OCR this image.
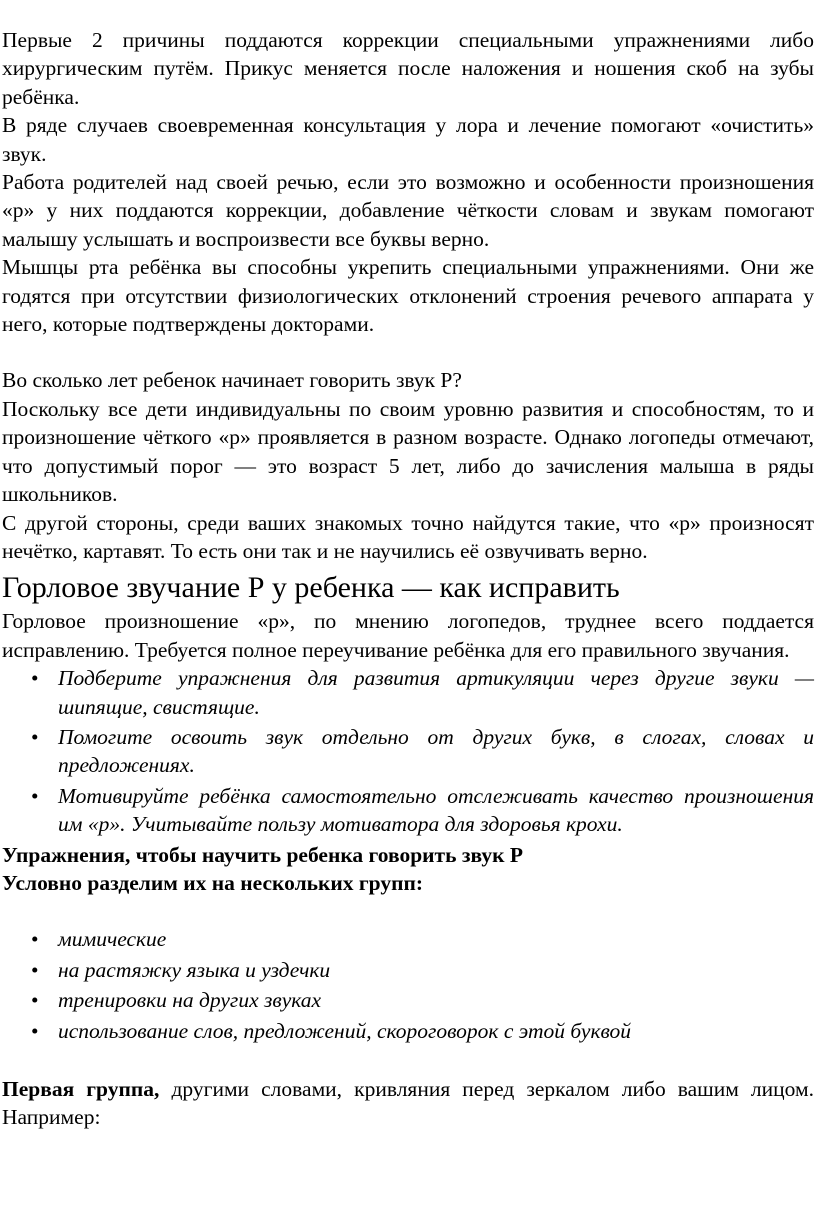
Первые 2 причины поддаются коррекции специальными упражнениями либо хирургическим путём. Прикус меняется после наложения и ношения скоб на зубы ребёнка.

В ряде случаев своевременная консультация у лора и лечение помогают «очистить» звук.

Работа родителей над своей речью, если это возможно и особенности произношения «р» у них поддаются коррекции, добавление чёткости словам и звукам помогают малышу услышать и воспроизвести все буквы верно.

Мышцы рта ребёнка вы способны укрепить специальными упражнениями. Они же годятся при отсутствии физиологических отклонений строения речевого аппарата у него, которые подтверждены докторами.

Во сколько лет ребенок начинает говорить звук Р?

Поскольку все дети индивидуальны по своим уровню развития и способностям, то и произношение чёткого «р» проявляется в разном возрасте. Однако логопеды отмечают, что допустимый порог — это возраст 5 лет, либо до зачисления малыша в ряды школьников.

С другой стороны, среди ваших знакомых точно найдутся такие, что «р» произносят нечётко, картавят. То есть они так и не научились её озвучивать верно.

Горловое звучание Р у ребенка — как исправить

Горловое произношение «р», по мнению логопедов, труднее всего поддается исправлению. Требуется полное переучивание ребёнка для его правильного звучания.

• Подберите упражнения для развития артикуляции через другие звуки — шипящие, свистящие.
• Помогите освоить звук отдельно от других букв, в слогах, словах и предложениях.
• Мотивируйте ребёнка самостоятельно отслеживать качество произношения им «р». Учитывайте пользу мотиватора для здоровья крохи.

Упражнения, чтобы научить ребенка говорить звук Р

Условно разделим их на нескольких групп:

• мимические
• на растяжку языка и уздечки
• тренировки на других звуках
• использование слов, предложений, скороговорок с этой буквой

Первая группа, другими словами, кривляния перед зеркалом либо вашим лицом. Например:
